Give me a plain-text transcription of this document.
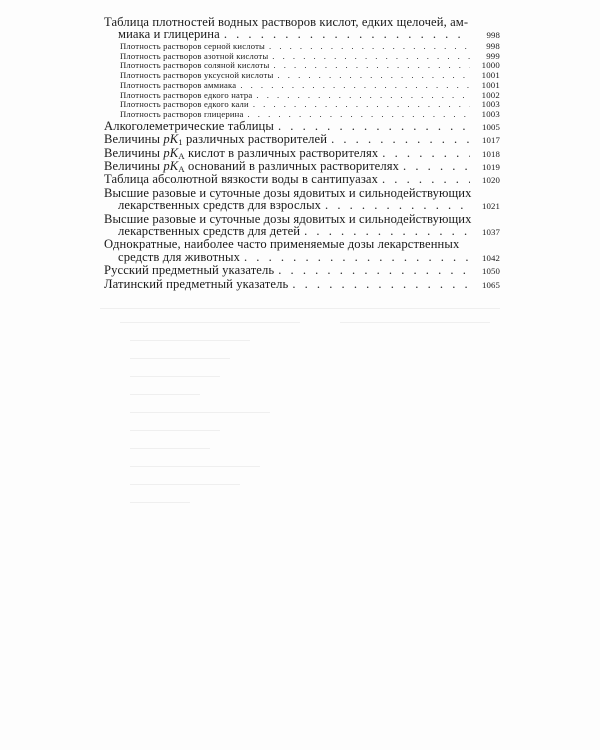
Таблица плотностей водных растворов кислот, едких щелочей, ам-
миака и глицерина . . .	998
Плотность растворов серной кислоты . . .	998
Плотность растворов азотной кислоты . . .	999
Плотность растворов соляной кислоты . . .	1000
Плотность растворов уксусной кислоты . . .	1001
Плотность растворов аммиака . . .	1001
Плотность растворов едкого натра . . .	1002
Плотность растворов едкого кали . . .	1003
Плотность растворов глицерина . . .	1003
Алкоголеметрические таблицы . . .	1005
Величины $pK_1$ различных растворителей . . .	1017
Величины $pK_A$ кислот в различных растворителях . . .	1018
Величины $pK_A$ оснований в различных растворителях . . .	1019
Таблица абсолютной вязкости воды в сантипуазах . . .	1020
Высшие разовые и суточные дозы ядовитых и сильнодействующих
лекарственных средств для взрослых . . .	1021
Высшие разовые и суточные дозы ядовитых и сильнодействующих
лекарственных средств для детей . . .	1037
Однократные, наиболее часто применяемые дозы лекарственных
средств для животных . . .	1042
Русский предметный указатель . . .	1050
Латинский предметный указатель . . .	1065
